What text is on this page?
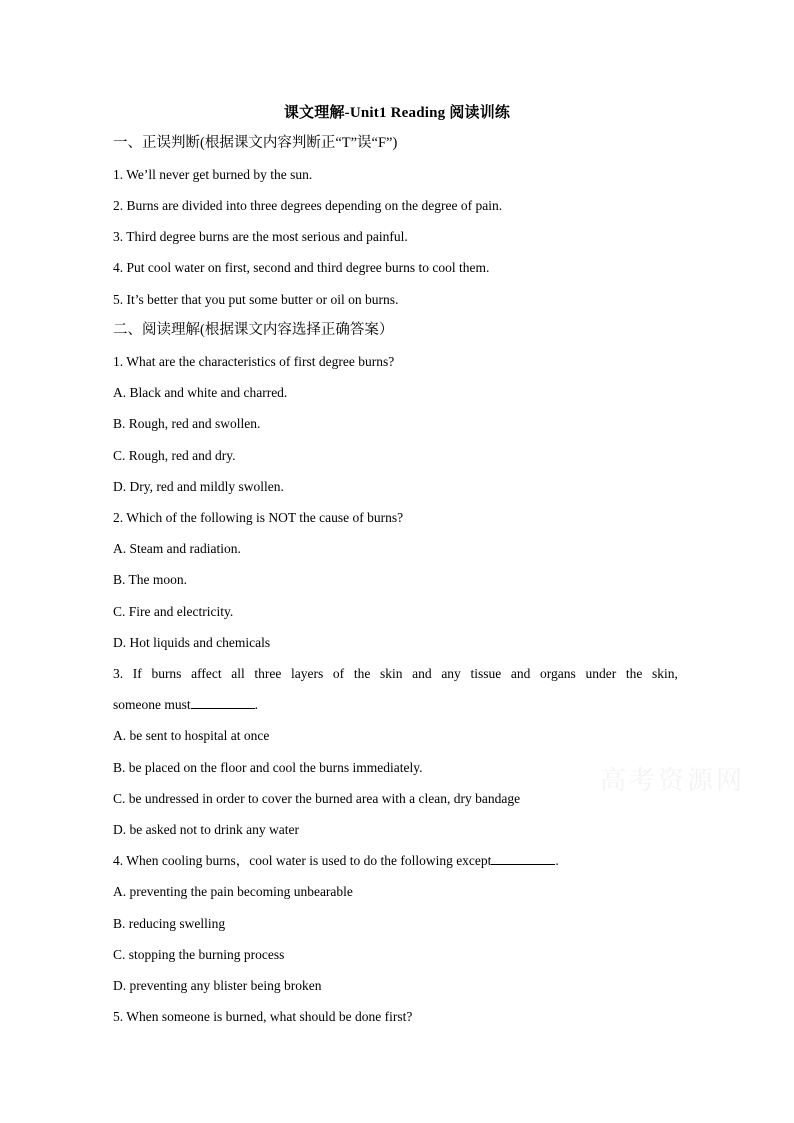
课文理解-Unit1 Reading 阅读训练
一、正误判断(根据课文内容判断正“T”误“F”)
1. We’ll never get burned by the sun.
2. Burns are divided into three degrees depending on the degree of pain.
3. Third degree burns are the most serious and painful.
4. Put cool water on first, second and third degree burns to cool them.
5. It’s better that you put some butter or oil on burns.
二、阅读理解(根据课文内容选择正确答案）
1. What are the characteristics of first degree burns?
A. Black and white and charred.
B. Rough, red and swollen.
C. Rough, red and dry.
D. Dry, red and mildly swollen.
2. Which of the following is NOT the cause of burns?
A. Steam and radiation.
B. The moon.
C. Fire and electricity.
D. Hot liquids and chemicals
3. If burns affect all three layers of the skin and any tissue and organs under the skin,
someone must	.
A. be sent to hospital at once
B. be placed on the floor and cool the burns immediately.
C. be undressed in order to cover the burned area with a clean, dry bandage
D. be asked not to drink any water
4. When cooling burns，cool water is used to do the following except	.
A. preventing the pain becoming unbearable
B. reducing swelling
C. stopping the burning process
D. preventing any blister being broken
5. When someone is burned, what should be done first?
高考资源网
